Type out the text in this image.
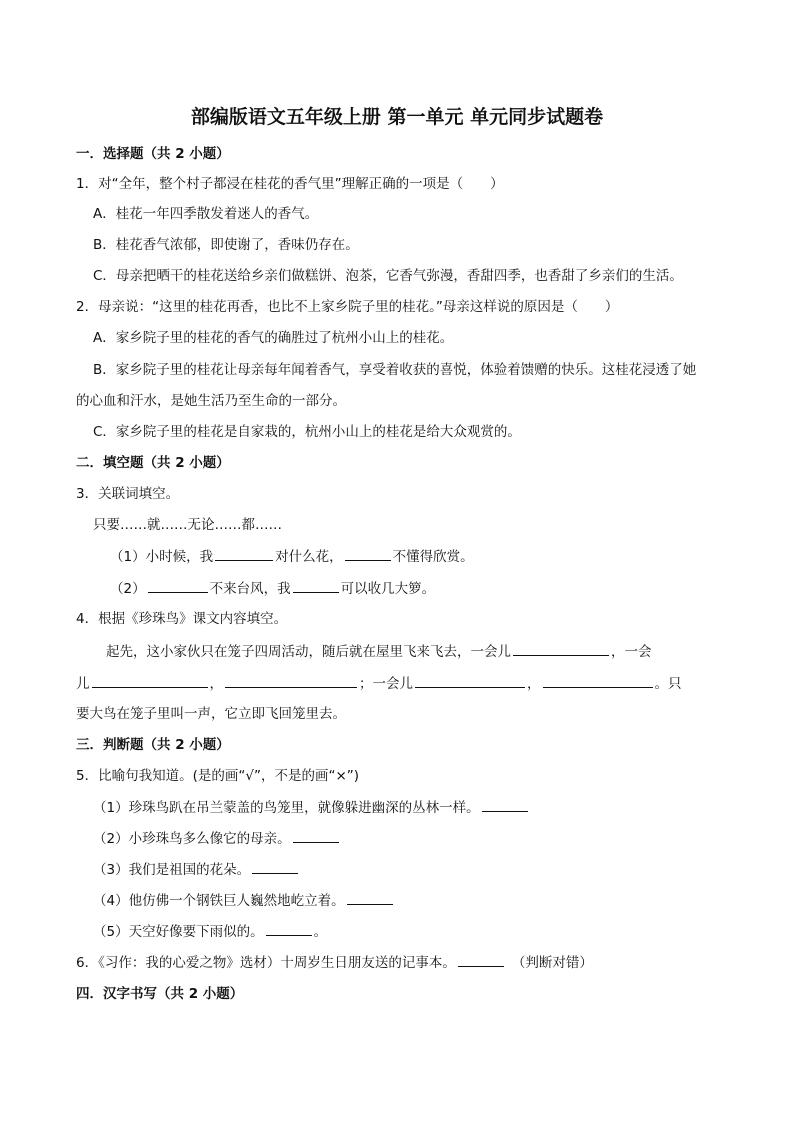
部编版语文五年级上册 第一单元 单元同步试题卷
一．选择题（共 2 小题）
1．对“全年，整个村子都浸在桂花的香气里”理解正确的一项是（　　）
A．桂花一年四季散发着迷人的香气。
B．桂花香气浓郁，即使谢了，香味仍存在。
C．母亲把晒干的桂花送给乡亲们做糕饼、泡茶，它香气弥漫，香甜四季，也香甜了乡亲们的生活。
2．母亲说：“这里的桂花再香，也比不上家乡院子里的桂花。”母亲这样说的原因是（　　）
A．家乡院子里的桂花的香气的确胜过了杭州小山上的桂花。
B．家乡院子里的桂花让母亲每年闻着香气，享受着收获的喜悦，体验着馈赠的快乐。这桂花浸透了她
的心血和汗水，是她生活乃至生命的一部分。
C．家乡院子里的桂花是自家栽的，杭州小山上的桂花是给大众观赏的。
二．填空题（共 2 小题）
3．关联词填空。
只要……就……无论……都……
（1）小时候，我	对什么花，	不懂得欣赏。
（2）	不来台风，我	可以收几大箩。
4．根据《珍珠鸟》课文内容填空。
起先，这小家伙只在笼子四周活动，随后就在屋里飞来飞去，一会儿	，一会
儿	，	；一会儿	，	。只
要大鸟在笼子里叫一声，它立即飞回笼里去。
三．判断题（共 2 小题）
5．比喻句我知道。(是的画“√”，不是的画“×”)
（1）珍珠鸟趴在吊兰蒙盖的鸟笼里，就像躲进幽深的丛林一样。
（2）小珍珠鸟多么像它的母亲。
（3）我们是祖国的花朵。
（4）他仿佛一个钢铁巨人巍然地屹立着。
（5）天空好像要下雨似的。	。
6．《习作：我的心爱之物》选材）十周岁生日朋友送的记事本。	（判断对错）
四．汉字书写（共 2 小题）
